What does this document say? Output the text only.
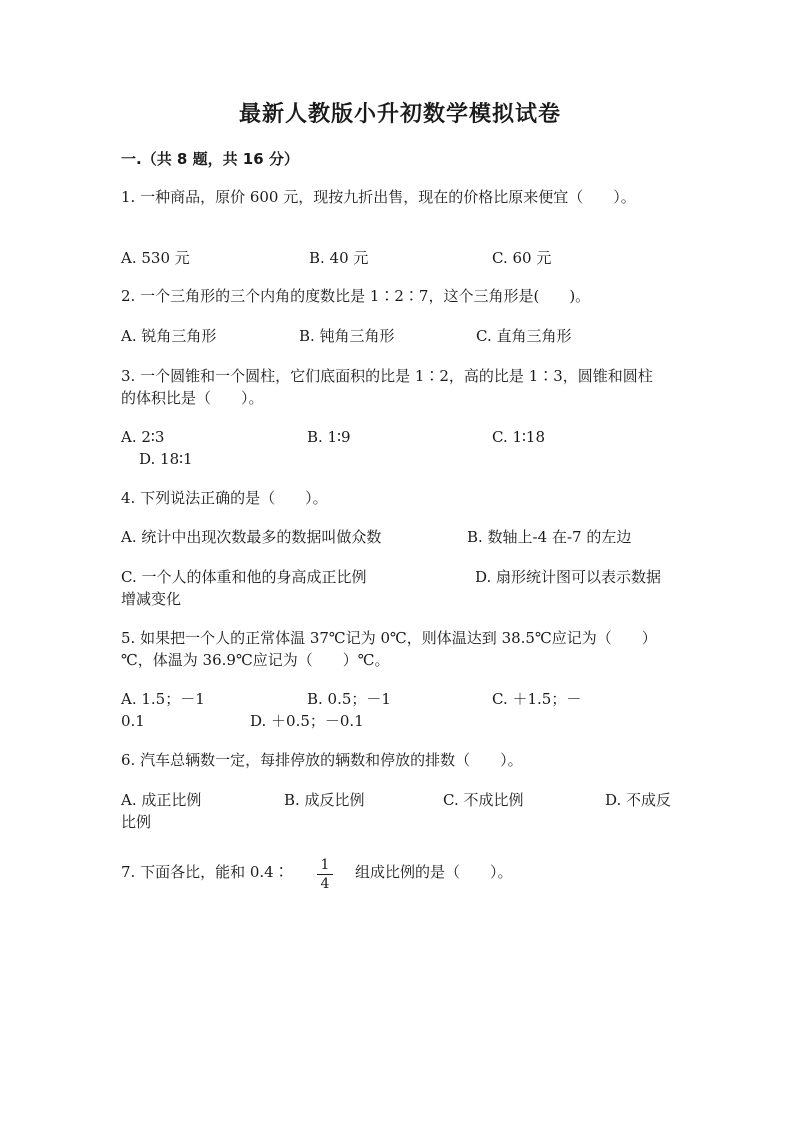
最新人教版小升初数学模拟试卷
一.（共 8 题，共 16 分）
1. 一种商品，原价 600 元，现按九折出售，现在的价格比原来便宜（　　）。
A. 530 元	B. 40 元	C. 60 元
2. 一个三角形的三个内角的度数比是 1∶2∶7，这个三角形是(　　)。
A. 锐角三角形	B. 钝角三角形	C. 直角三角形
3. 一个圆锥和一个圆柱，它们底面积的比是 1∶2，高的比是 1∶3，圆锥和圆柱
的体积比是（　　）。
A. 2∶3	B. 1∶9	C. 1∶18
D. 18∶1
4. 下列说法正确的是（　　）。
A. 统计中出现次数最多的数据叫做众数	B. 数轴上-4 在-7 的左边
C. 一个人的体重和他的身高成正比例	D. 扇形统计图可以表示数据
增减变化
5. 如果把一个人的正常体温 37℃记为 0℃，则体温达到 38.5℃应记为（　　）
℃，体温为 36.9℃应记为（　　）℃。
A. 1.5；－1	B. 0.5；－1	C. ＋1.5；－
0.1	D. ＋0.5；－0.1
6. 汽车总辆数一定，每排停放的辆数和停放的排数（　　）。
A. 成正比例	B. 成反比例	C. 不成比例	D. 不成反
比例
7. 下面各比，能和 0.4∶	1
4
组成比例的是（　　）。
